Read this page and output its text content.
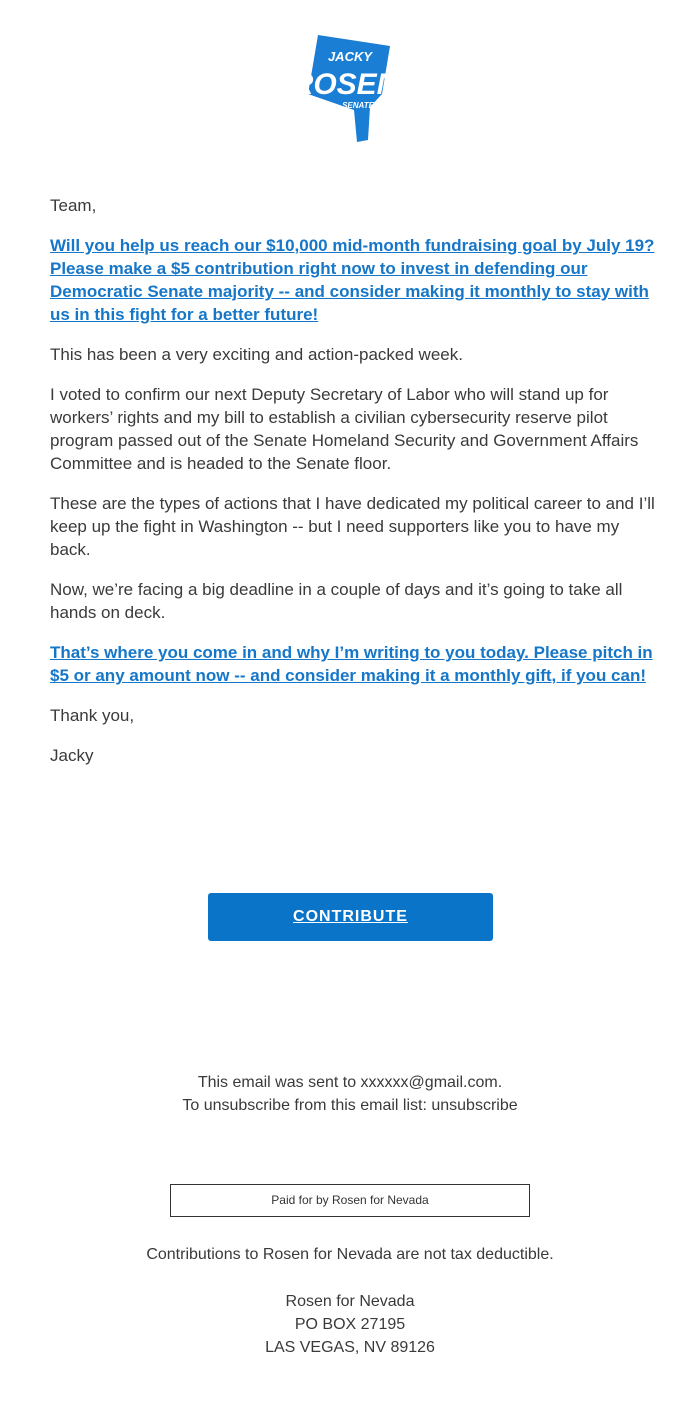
JACKY
ROSEN
SENATE

Team,

Will you help us reach our $10,000 mid-month fundraising goal by July 19? Please make a $5 contribution right now to invest in defending our Democratic Senate majority -- and consider making it monthly to stay with us in this fight for a better future!

This has been a very exciting and action-packed week.

I voted to confirm our next Deputy Secretary of Labor who will stand up for workers’ rights and my bill to establish a civilian cybersecurity reserve pilot program passed out of the Senate Homeland Security and Government Affairs Committee and is headed to the Senate floor.

These are the types of actions that I have dedicated my political career to and I’ll keep up the fight in Washington -- but I need supporters like you to have my back.

Now, we’re facing a big deadline in a couple of days and it’s going to take all hands on deck.

That’s where you come in and why I’m writing to you today. Please pitch in $5 or any amount now -- and consider making it a monthly gift, if you can!

Thank you,

Jacky

CONTRIBUTE
This email was sent to xxxxxx@gmail.com.
To unsubscribe from this email list: unsubscribe
Paid for by Rosen for Nevada
Contributions to Rosen for Nevada are not tax deductible.
Rosen for Nevada
PO BOX 27195
LAS VEGAS, NV 89126
